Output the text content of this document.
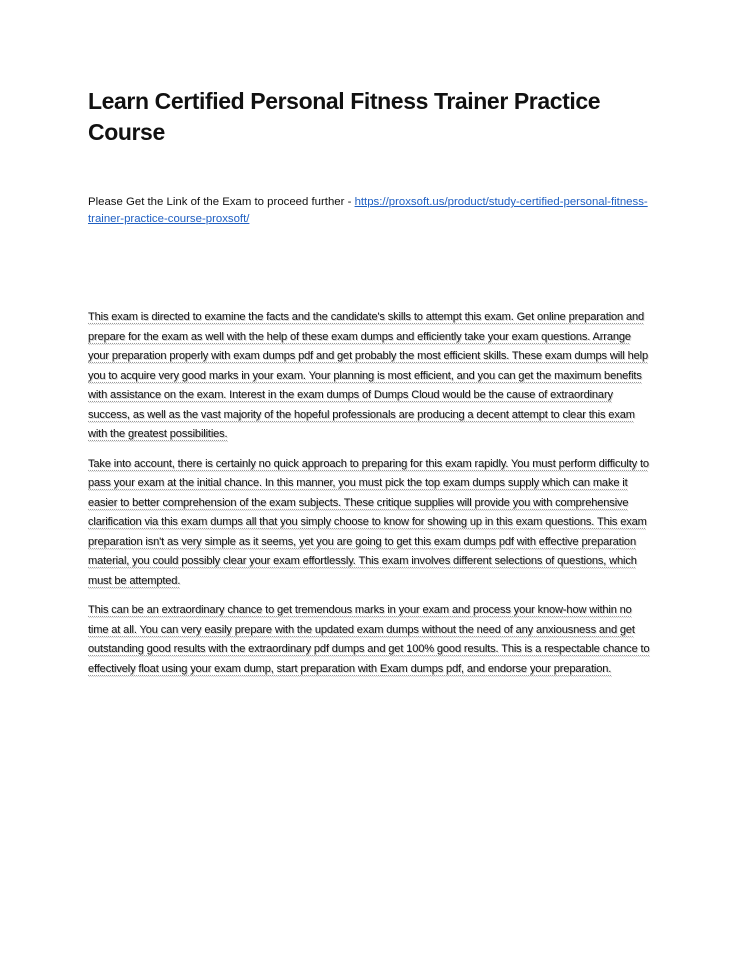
Learn Certified Personal Fitness Trainer Practice Course

Please Get the Link of the Exam to proceed further - https://proxsoft.us/product/study-certified-personal-fitness-trainer-practice-course-proxsoft/

This exam is directed to examine the facts and the candidate's skills to attempt this exam. Get online preparation and prepare for the exam as well with the help of these exam dumps and efficiently take your exam questions. Arrange your preparation properly with exam dumps pdf and get probably the most efficient skills. These exam dumps will help you to acquire very good marks in your exam. Your planning is most efficient, and you can get the maximum benefits with assistance on the exam. Interest in the exam dumps of Dumps Cloud would be the cause of extraordinary success, as well as the vast majority of the hopeful professionals are producing a decent attempt to clear this exam with the greatest possibilities.

Take into account, there is certainly no quick approach to preparing for this exam rapidly. You must perform difficulty to pass your exam at the initial chance. In this manner, you must pick the top exam dumps supply which can make it easier to better comprehension of the exam subjects. These critique supplies will provide you with comprehensive clarification via this exam dumps all that you simply choose to know for showing up in this exam questions. This exam preparation isn't as very simple as it seems, yet you are going to get this exam dumps pdf with effective preparation material, you could possibly clear your exam effortlessly. This exam involves different selections of questions, which must be attempted.

This can be an extraordinary chance to get tremendous marks in your exam and process your know-how within no time at all. You can very easily prepare with the updated exam dumps without the need of any anxiousness and get outstanding good results with the extraordinary pdf dumps and get 100% good results. This is a respectable chance to effectively float using your exam dump, start preparation with Exam dumps pdf, and endorse your preparation.
